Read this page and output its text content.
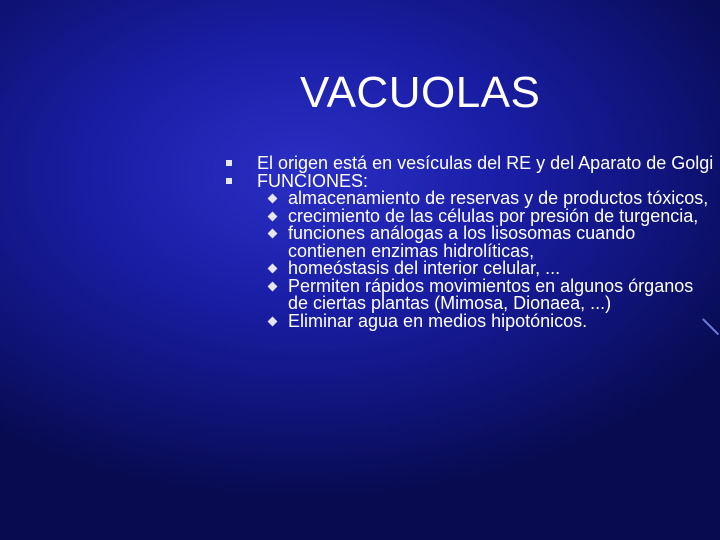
VACUOLAS
El origen está en vesículas del RE y del Aparato de Golgi
FUNCIONES:
almacenamiento de reservas y de productos tóxicos,
crecimiento de las células por presión de turgencia,
funciones análogas a los lisosomas cuando contienen enzimas hidrolíticas,
homeóstasis del interior celular, ...
Permiten rápidos movimientos en algunos órganos de ciertas plantas (Mimosa, Dionaea, ...)
Eliminar agua en medios hipotónicos.
